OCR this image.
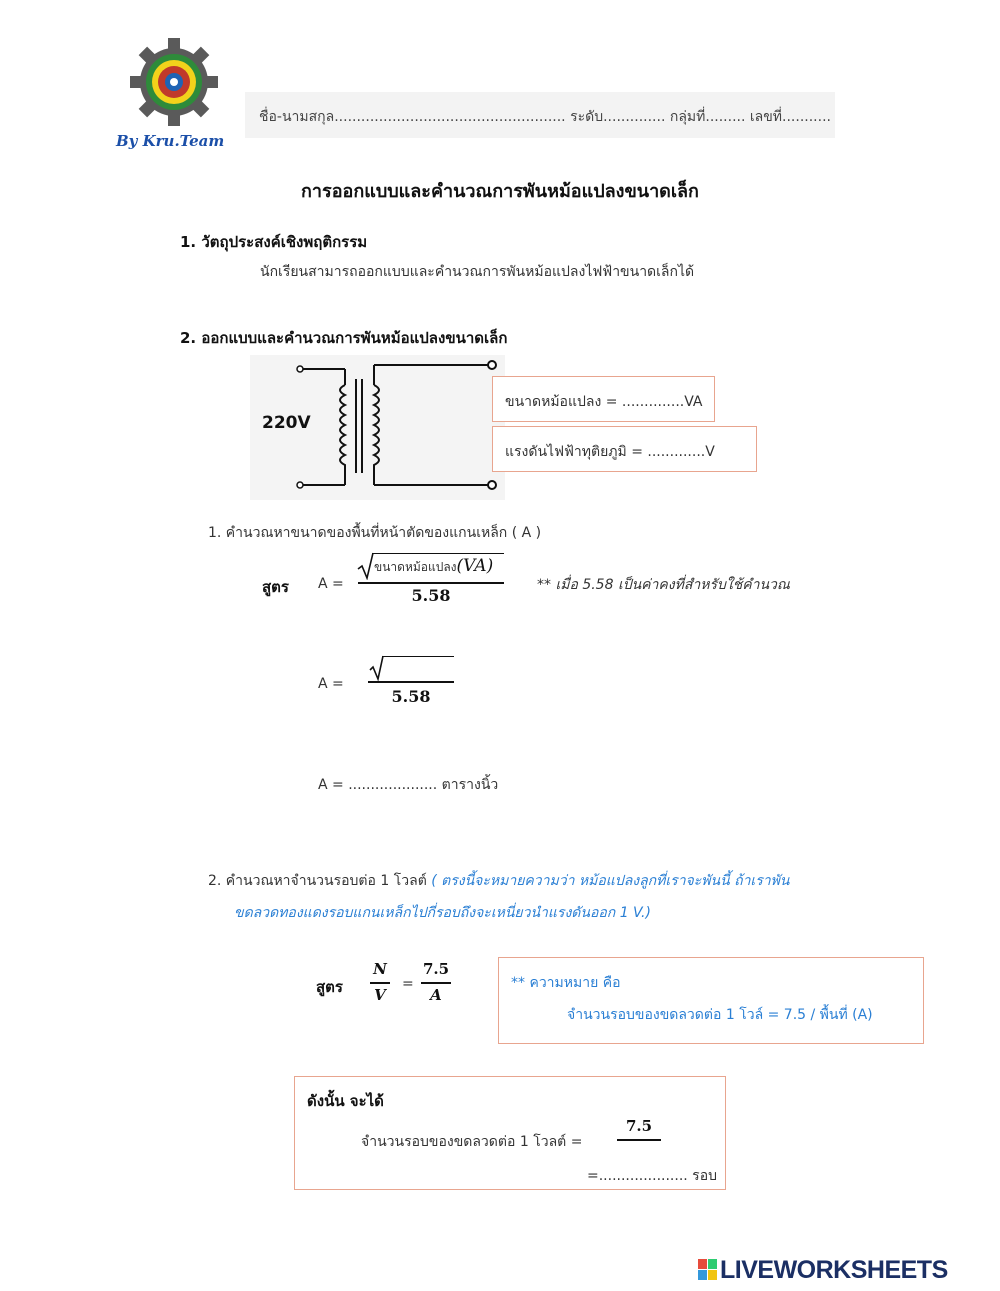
By Kru.Team
ชื่อ-นามสกุล.................................................... ระดับ.............. กลุ่มที่......... เลขที่...........
การออกแบบและคำนวณการพันหม้อแปลงขนาดเล็ก
1. วัตถุประสงค์เชิงพฤติกรรม
นักเรียนสามารถออกแบบและคำนวณการพันหม้อแปลงไฟฟ้าขนาดเล็กได้
2. ออกแบบและคำนวณการพันหม้อแปลงขนาดเล็ก
220V
ขนาดหม้อแปลง = ..............VA
แรงดันไฟฟ้าทุติยภูมิ = .............V
1. คำนวณหาขนาดของพื้นที่หน้าตัดของแกนเหล็ก ( A )
สูตร A =
ขนาดหม้อแปลง(VA)
5.58
** เมื่อ 5.58 เป็นค่าคงที่สำหรับใช้คำนวณ
A =
5.58
A = .................... ตารางนิ้ว
2. คำนวณหาจำนวนรอบต่อ 1 โวลต์ ( ตรงนี้จะหมายความว่า หม้อแปลงลูกที่เราจะพันนี้ ถ้าเราพัน
ขดลวดทองแดงรอบแกนเหล็กไปกี่รอบถึงจะเหนี่ยวนำแรงดันออก 1 V.)
สูตร
N
V
=
7.5
A
** ความหมาย คือ
จำนวนรอบของขดลวดต่อ 1 โวล์ = 7.5 / พื้นที่ (A)
ดังนั้น จะได้
จำนวนรอบของขดลวดต่อ 1 โวลต์ =
7.5
=.................... รอบ
LIVEWORKSHEETS
